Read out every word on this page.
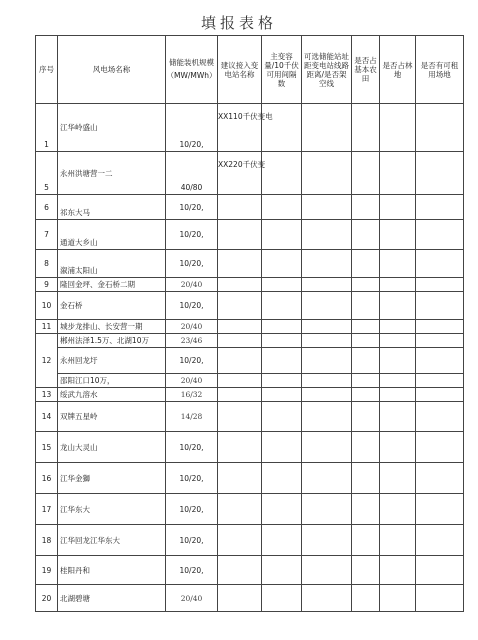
填报表格
序号	风电场名称	储能装机规模
（MW/MWh）	建议接入变电站名称	主变容量/10千伏可用间隔数	可选储能站址距变电站线路距离/是否架空线	是否占基本农田	是否占林地	是否有可租用场地
1	江华岭盛山	10/20,	XX110千伏变电					
5	永州洪塘营一二	40/80	XX220千伏变					
6	祁东大马	10/20,						
7	通道大乡山	10/20,						
8	溆浦太阳山	10/20,						
9	隆回金坪、金石桥二期	20/40						
10	金石桥	10/20,						
11	城步龙排山、长安营一期	20/40						
12	郴州法泽1.5万、北湖10万	23/46						
	永州回龙圩	10/20,						
	邵阳江口10万，	20/40						
13	绥武九溶水	16/32						
14	双牌五星岭	14/28						
15	龙山大灵山	10/20,						
16	江华金獅	10/20,						
17	江华东大	10/20,						
18	江华回龙江华东大	10/20,						
19	桂阳丹和	10/20,						
20	北湖碧塘	20/40						
